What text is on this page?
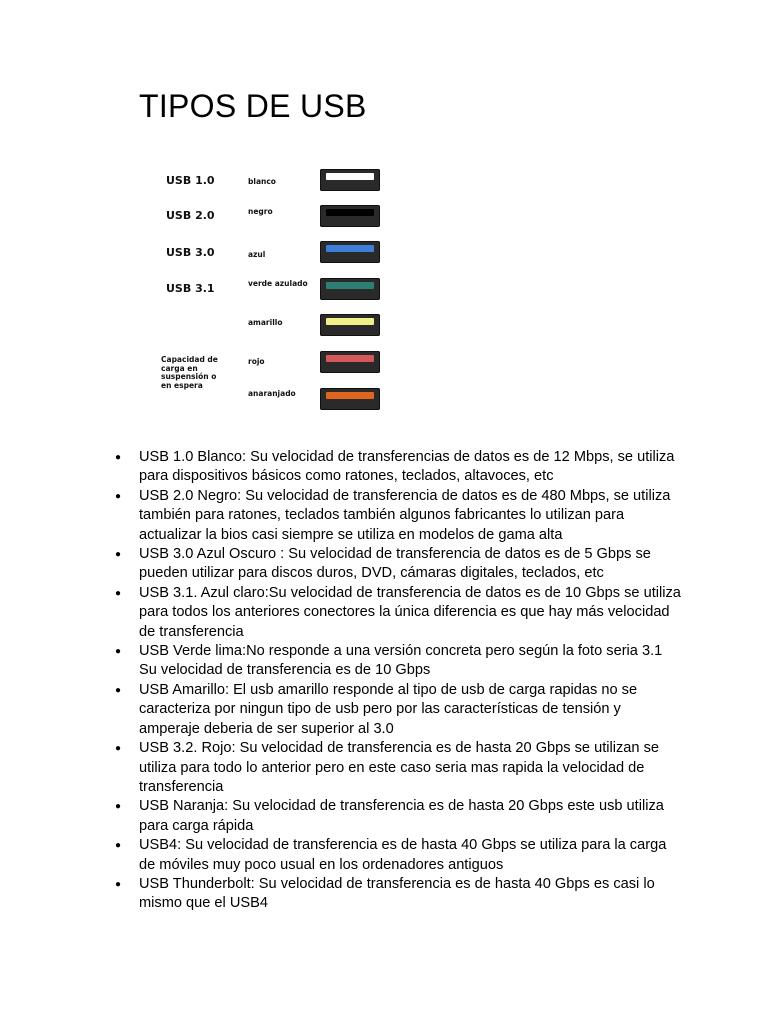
TIPOS DE USB
USB 1.0
USB 2.0
USB 3.0
USB 3.1
Capacidad de carga en suspensión o en espera
blanco
negro
azul
verde azulado
amarillo
rojo
anaranjado
● USB 1.0 Blanco: Su velocidad de transferencias de datos es de 12 Mbps, se utiliza para dispositivos básicos como ratones, teclados, altavoces, etc
● USB 2.0 Negro: Su velocidad de transferencia de datos es de 480 Mbps, se utiliza también para ratones, teclados también algunos fabricantes lo utilizan para actualizar la bios casi siempre se utiliza en modelos de gama alta
● USB 3.0 Azul Oscuro : Su velocidad de transferencia de datos es de 5 Gbps se pueden utilizar para discos duros, DVD, cámaras digitales, teclados, etc
● USB 3.1. Azul claro:Su velocidad de transferencia de datos es de 10 Gbps se utiliza para todos los anteriores conectores la única diferencia es que hay más velocidad de transferencia
● USB Verde lima:No responde a una versión concreta pero según la foto seria 3.1 Su velocidad de transferencia es de 10 Gbps
● USB Amarillo: El usb amarillo responde al tipo de usb de carga rapidas no se caracteriza por ningun tipo de usb pero por las características de tensión y amperaje deberia de ser superior al 3.0
● USB 3.2. Rojo: Su velocidad de transferencia es de hasta 20 Gbps se utilizan se utiliza para todo lo anterior pero en este caso seria mas rapida la velocidad de transferencia
● USB Naranja: Su velocidad de transferencia es de hasta 20 Gbps este usb utiliza para carga rápida
● USB4: Su velocidad de transferencia es de hasta 40 Gbps se utiliza para la carga de móviles muy poco usual en los ordenadores antiguos
● USB Thunderbolt: Su velocidad de transferencia es de hasta 40 Gbps es casi lo mismo que el USB4
